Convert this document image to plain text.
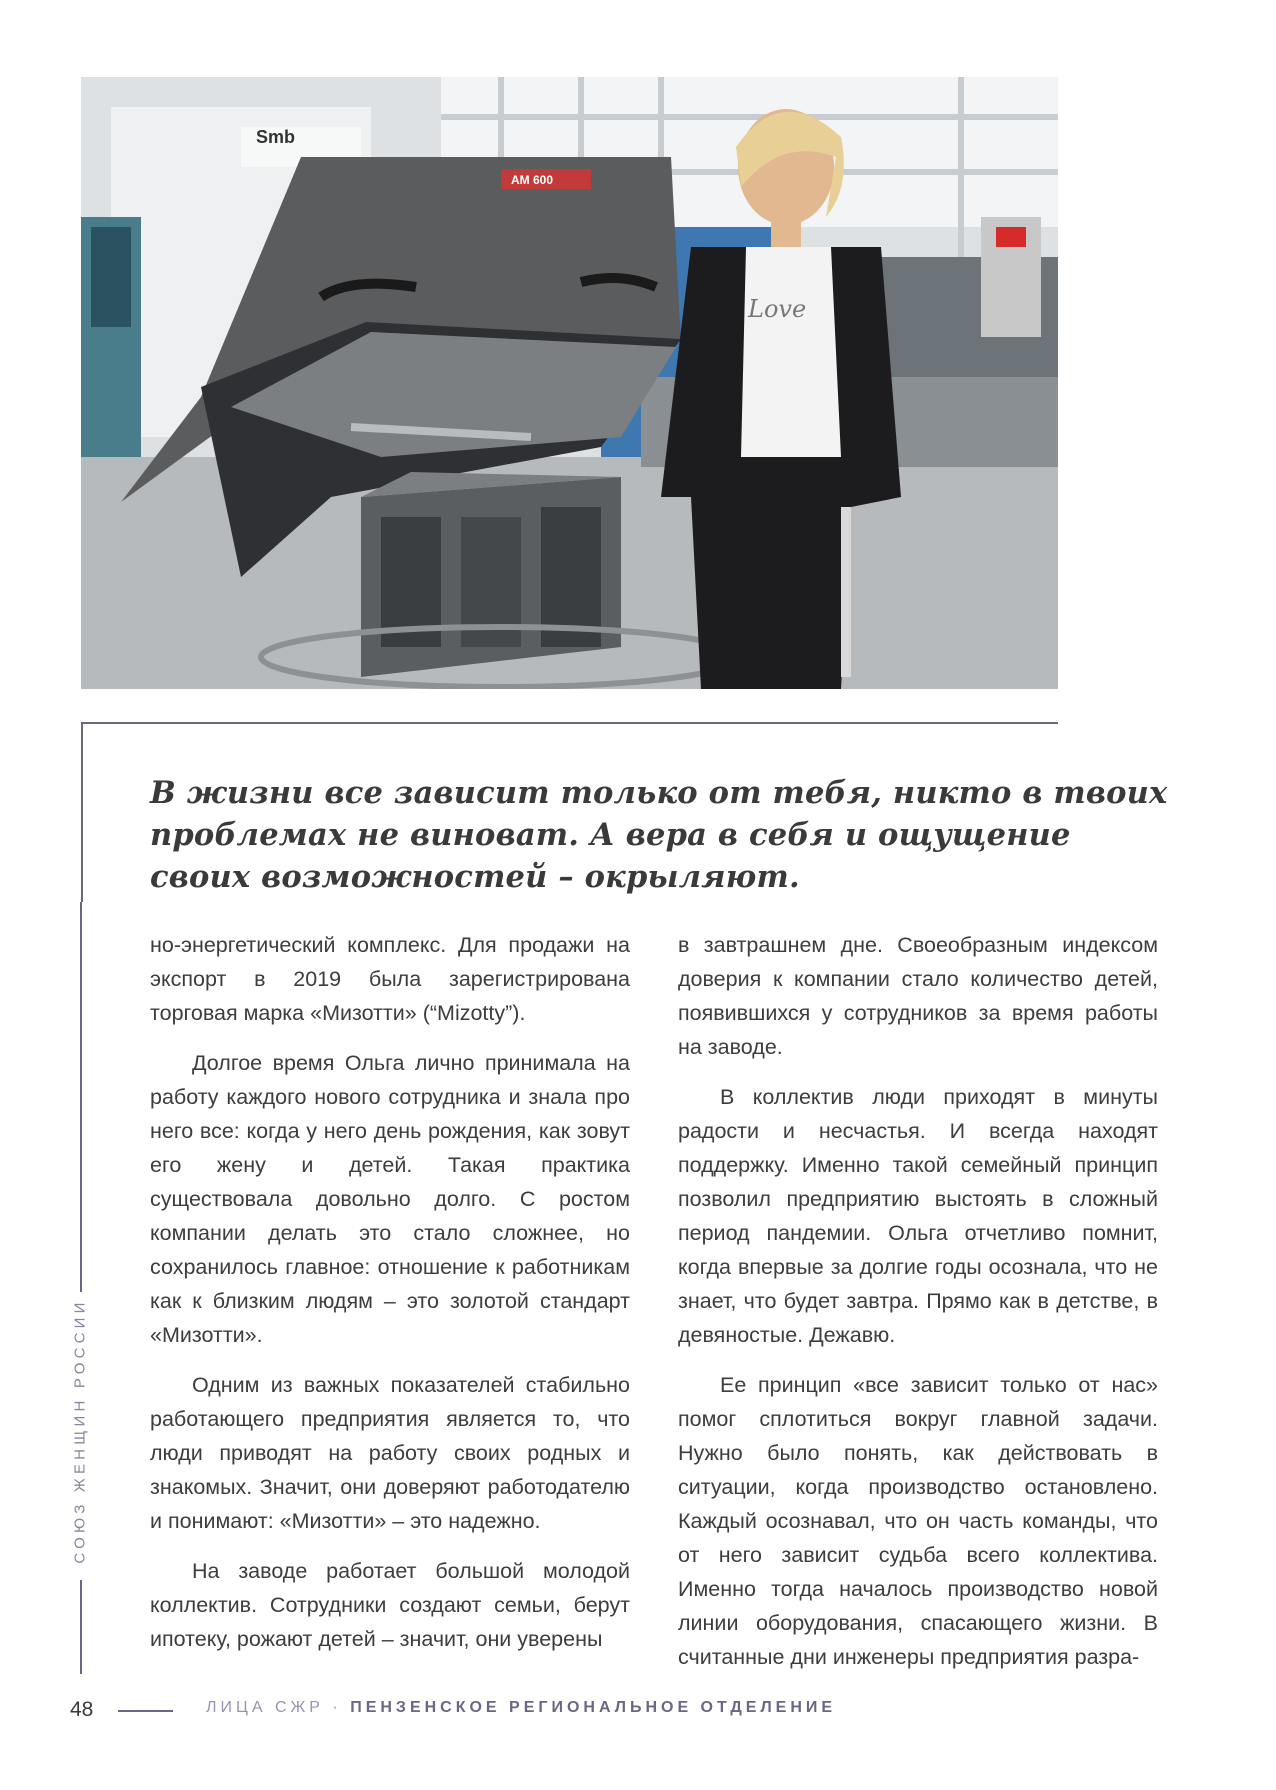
Smb
AM 600
Love
В жизни все зависит только от тебя, никто в твоих
проблемах не виноват. А вера в себя и ощущение
своих возможностей – окрыляют.

но-энергетический комплекс. Для продажи на экспорт в 2019 была зарегистрирована торговая марка «Мизотти» (“Mizotty”).

Долгое время Ольга лично принимала на работу каждого нового сотрудника и знала про него все: когда у него день рождения, как зовут его жену и детей. Такая практика существовала довольно долго. С ростом компании делать это стало сложнее, но сохранилось главное: отношение к работникам как к близким людям – это золотой стандарт «Мизотти».

Одним из важных показателей стабильно работающего предприятия является то, что люди приводят на работу своих родных и знакомых. Значит, они доверяют работодателю и понимают: «Мизотти» – это надежно.

На заводе работает большой молодой коллектив. Сотрудники создают семьи, берут ипотеку, рожают детей – значит, они уверены

в завтрашнем дне. Своеобразным индексом доверия к компании стало количество детей, появившихся у сотрудников за время работы на заводе.

В коллектив люди приходят в минуты радости и несчастья. И всегда находят поддержку. Именно такой семейный принцип позволил предприятию выстоять в сложный период пандемии. Ольга отчетливо помнит, когда впервые за долгие годы осознала, что не знает, что будет завтра. Прямо как в детстве, в девяностые. Дежавю.

Ее принцип «все зависит только от нас» помог сплотиться вокруг главной задачи. Нужно было понять, как действовать в ситуации, когда производство остановлено. Каждый осознавал, что он часть команды, что от него зависит судьба всего коллектива. Именно тогда началось производство новой линии оборудования, спасающего жизни. В считанные дни инженеры предприятия разра-

СОЮЗ ЖЕНЩИН РОССИИ
48	ЛИЦА СЖР · ПЕНЗЕНСКОЕ РЕГИОНАЛЬНОЕ ОТДЕЛЕНИЕ
